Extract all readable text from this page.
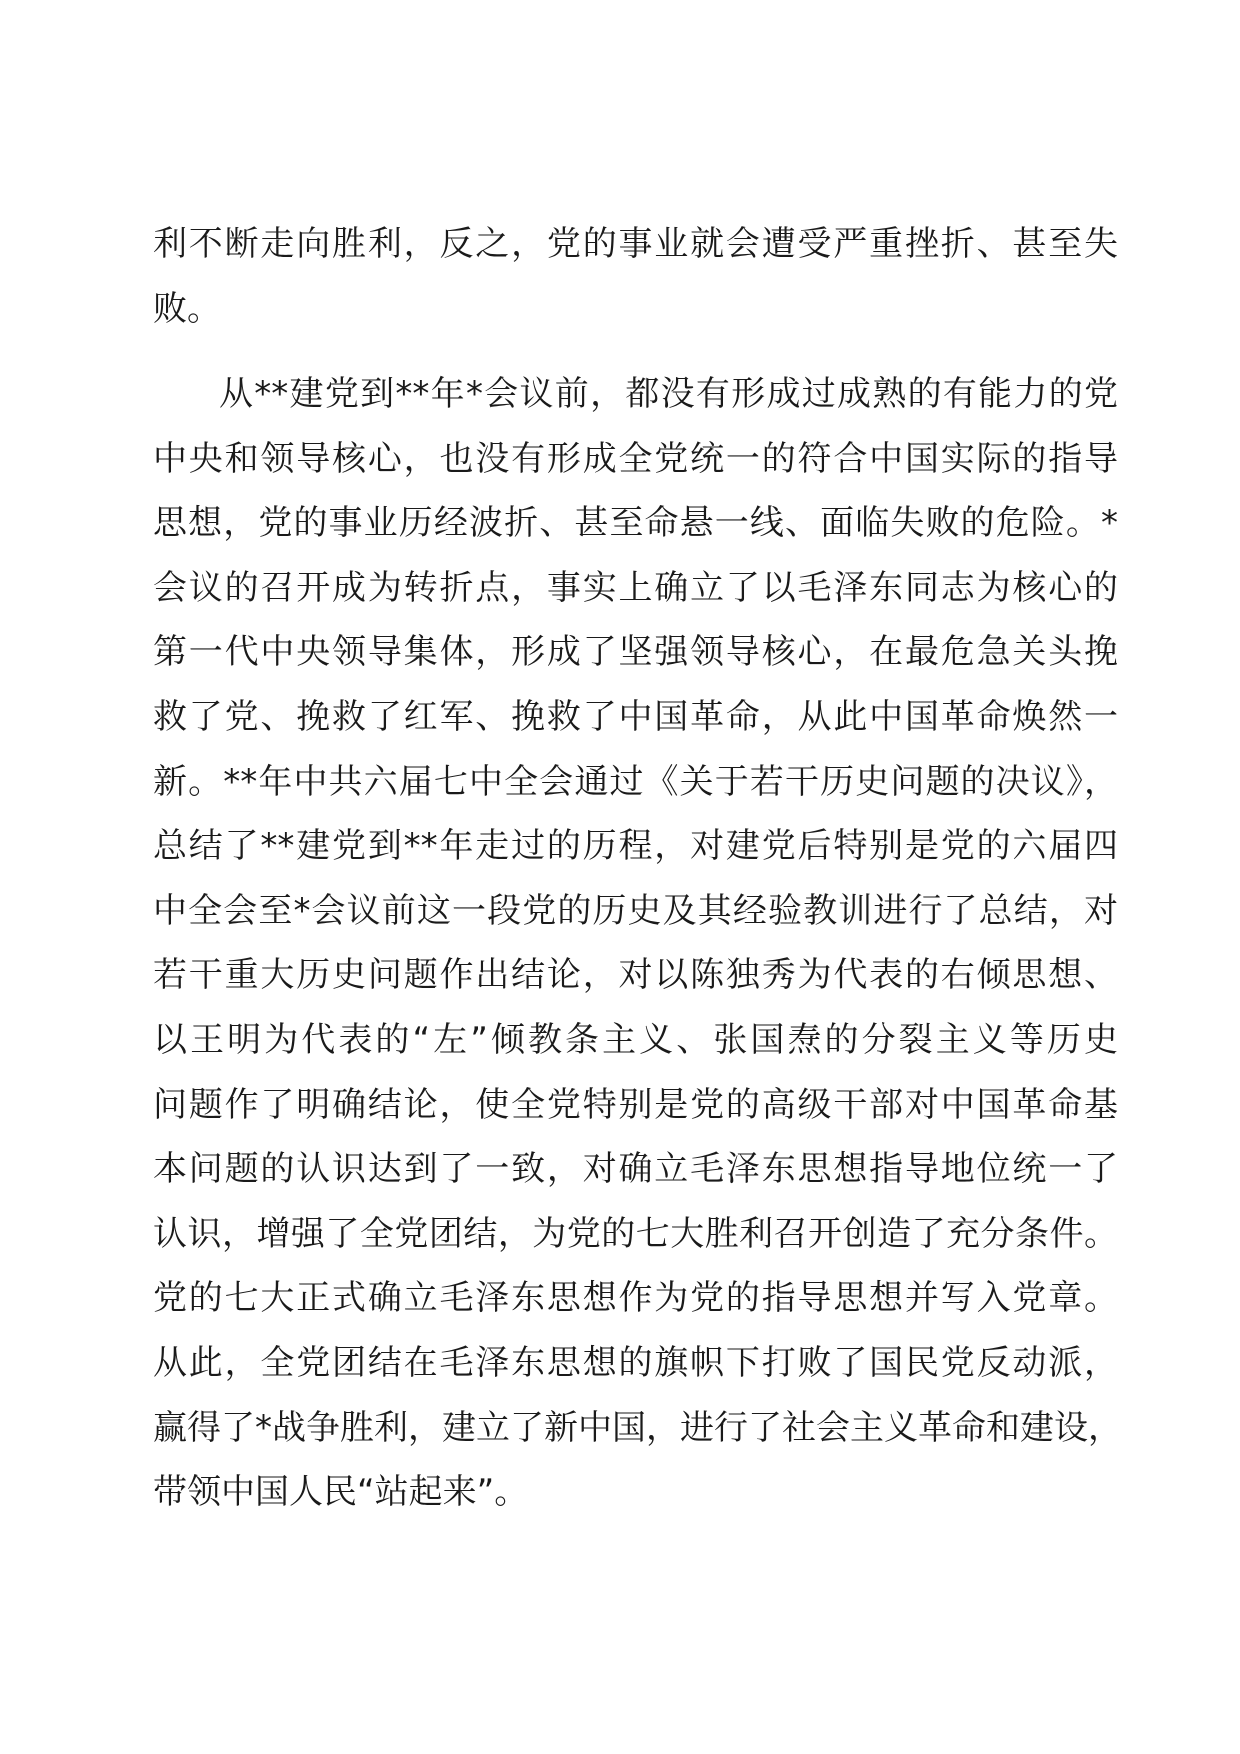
利不断走向胜利，反之，党的事业就会遭受严重挫折、甚至失
败。
从**建党到**年*会议前，都没有形成过成熟的有能力的党
中央和领导核心，也没有形成全党统一的符合中国实际的指导
思想，党的事业历经波折、甚至命悬一线、面临失败的危险。*
会议的召开成为转折点，事实上确立了以毛泽东同志为核心的
第一代中央领导集体，形成了坚强领导核心，在最危急关头挽
救了党、挽救了红军、挽救了中国革命，从此中国革命焕然一
新。**年中共六届七中全会通过《关于若干历史问题的决议》，
总结了**建党到**年走过的历程，对建党后特别是党的六届四
中全会至*会议前这一段党的历史及其经验教训进行了总结，对
若干重大历史问题作出结论，对以陈独秀为代表的右倾思想、
以王明为代表的“左”倾教条主义、张国焘的分裂主义等历史
问题作了明确结论，使全党特别是党的高级干部对中国革命基
本问题的认识达到了一致，对确立毛泽东思想指导地位统一了
认识，增强了全党团结，为党的七大胜利召开创造了充分条件。
党的七大正式确立毛泽东思想作为党的指导思想并写入党章。
从此，全党团结在毛泽东思想的旗帜下打败了国民党反动派，
赢得了*战争胜利，建立了新中国，进行了社会主义革命和建设，
带领中国人民“站起来”。
